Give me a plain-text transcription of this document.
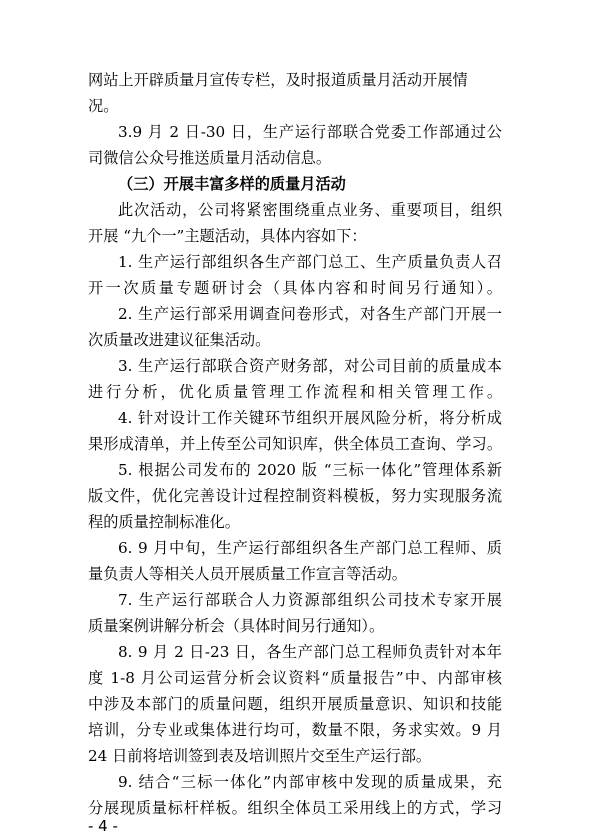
网站上开辟质量月宣传专栏，及时报道质量月活动开展情
况。
3.9 月 2 日-30 日，生产运行部联合党委工作部通过公
司微信公众号推送质量月活动信息。
（三）开展丰富多样的质量月活动
此次活动，公司将紧密围绕重点业务、重要项目，组织
开展 “九个一”主题活动，具体内容如下：
1. 生产运行部组织各生产部门总工、生产质量负责人召
开一次质量专题研讨会（具体内容和时间另行通知）。
2. 生产运行部采用调查问卷形式，对各生产部门开展一
次质量改进建议征集活动。
3. 生产运行部联合资产财务部，对公司目前的质量成本
进行分析，优化质量管理工作流程和相关管理工作。
4. 针对设计工作关键环节组织开展风险分析，将分析成
果形成清单，并上传至公司知识库，供全体员工查询、学习。
5. 根据公司发布的 2020 版 “三标一体化”管理体系新
版文件，优化完善设计过程控制资料模板，努力实现服务流
程的质量控制标准化。
6. 9 月中旬，生产运行部组织各生产部门总工程师、质
量负责人等相关人员开展质量工作宣言等活动。
7. 生产运行部联合人力资源部组织公司技术专家开展
质量案例讲解分析会（具体时间另行通知）。
8. 9 月 2 日-23 日，各生产部门总工程师负责针对本年
度 1-8 月公司运营分析会议资料“质量报告”中、内部审核
中涉及本部门的质量问题，组织开展质量意识、知识和技能
培训，分专业或集体进行均可，数量不限，务求实效。9 月
24 日前将培训签到表及培训照片交至生产运行部。
9. 结合“三标一体化”内部审核中发现的质量成果，充
分展现质量标杆样板。组织全体员工采用线上的方式，学习
- 4 -
